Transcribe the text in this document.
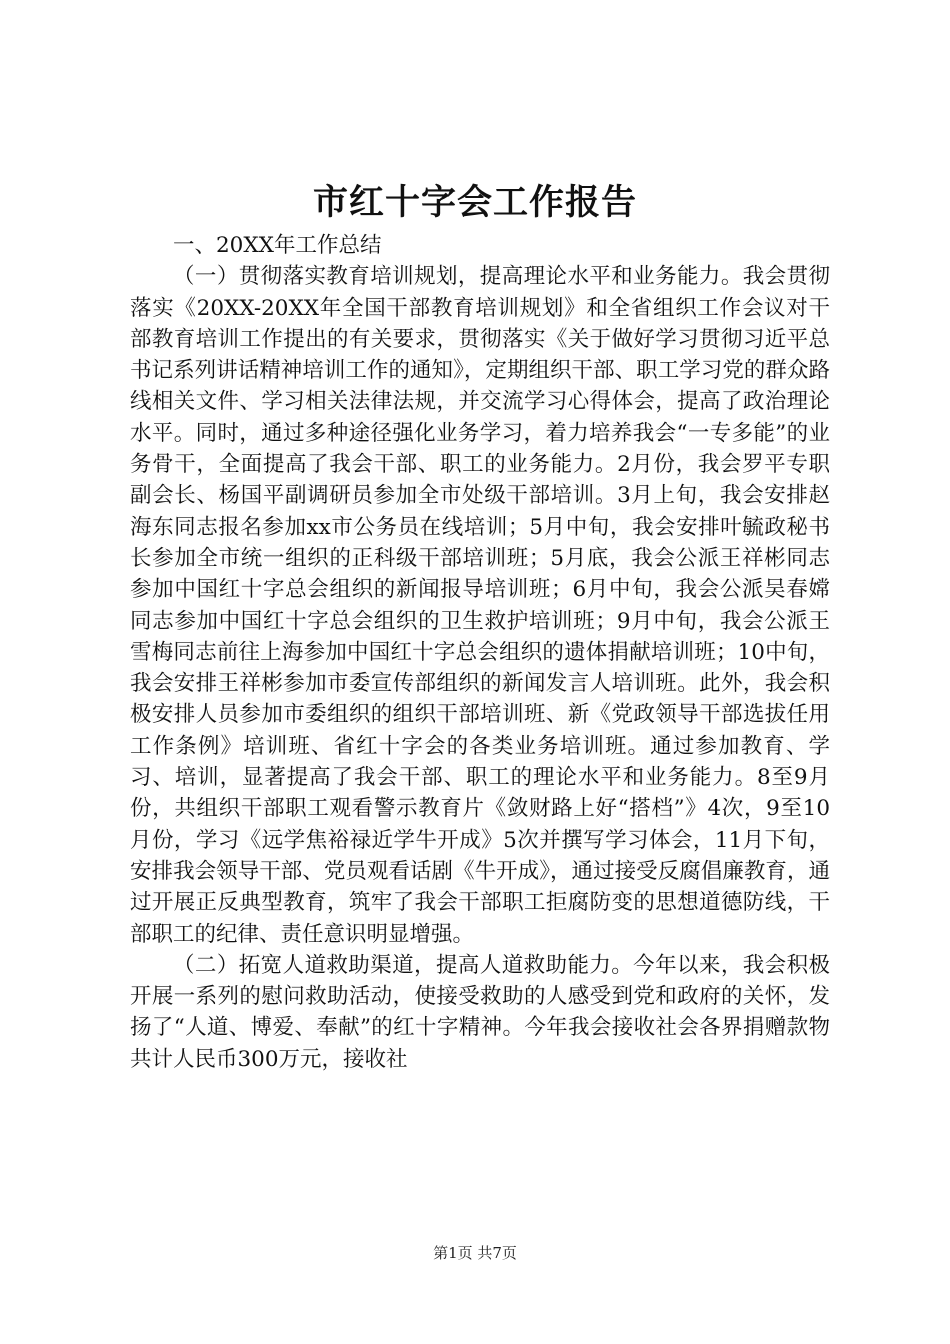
市红十字会工作报告

一、20XX年工作总结

（一）贯彻落实教育培训规划，提高理论水平和业务能力。我会贯彻落实《20XX-20XX年全国干部教育培训规划》和全省组织工作会议对干部教育培训工作提出的有关要求，贯彻落实《关于做好学习贯彻习近平总书记系列讲话精神培训工作的通知》，定期组织干部、职工学习党的群众路线相关文件、学习相关法律法规，并交流学习心得体会，提高了政治理论水平。同时，通过多种途径强化业务学习，着力培养我会“一专多能”的业务骨干，全面提高了我会干部、职工的业务能力。2月份，我会罗平专职副会长、杨国平副调研员参加全市处级干部培训。3月上旬，我会安排赵海东同志报名参加xx市公务员在线培训；5月中旬，我会安排叶毓政秘书长参加全市统一组织的正科级干部培训班；5月底，我会公派王祥彬同志参加中国红十字总会组织的新闻报导培训班；6月中旬，我会公派吴春嫦同志参加中国红十字总会组织的卫生救护培训班；9月中旬，我会公派王雪梅同志前往上海参加中国红十字总会组织的遗体捐献培训班；10中旬，我会安排王祥彬参加市委宣传部组织的新闻发言人培训班。此外，我会积极安排人员参加市委组织的组织干部培训班、新《党政领导干部选拔任用工作条例》培训班、省红十字会的各类业务培训班。通过参加教育、学习、培训，显著提高了我会干部、职工的理论水平和业务能力。8至9月份，共组织干部职工观看警示教育片《敛财路上好“搭档”》4次，9至10月份，学习《远学焦裕禄近学牛开成》5次并撰写学习体会，11月下旬，安排我会领导干部、党员观看话剧《牛开成》，通过接受反腐倡廉教育，通过开展正反典型教育，筑牢了我会干部职工拒腐防变的思想道德防线，干部职工的纪律、责任意识明显增强。

（二）拓宽人道救助渠道，提高人道救助能力。今年以来，我会积极开展一系列的慰问救助活动，使接受救助的人感受到党和政府的关怀，发扬了“人道、博爱、奉献”的红十字精神。今年我会接收社会各界捐赠款物共计人民币300万元，接收社

第1页 共7页
